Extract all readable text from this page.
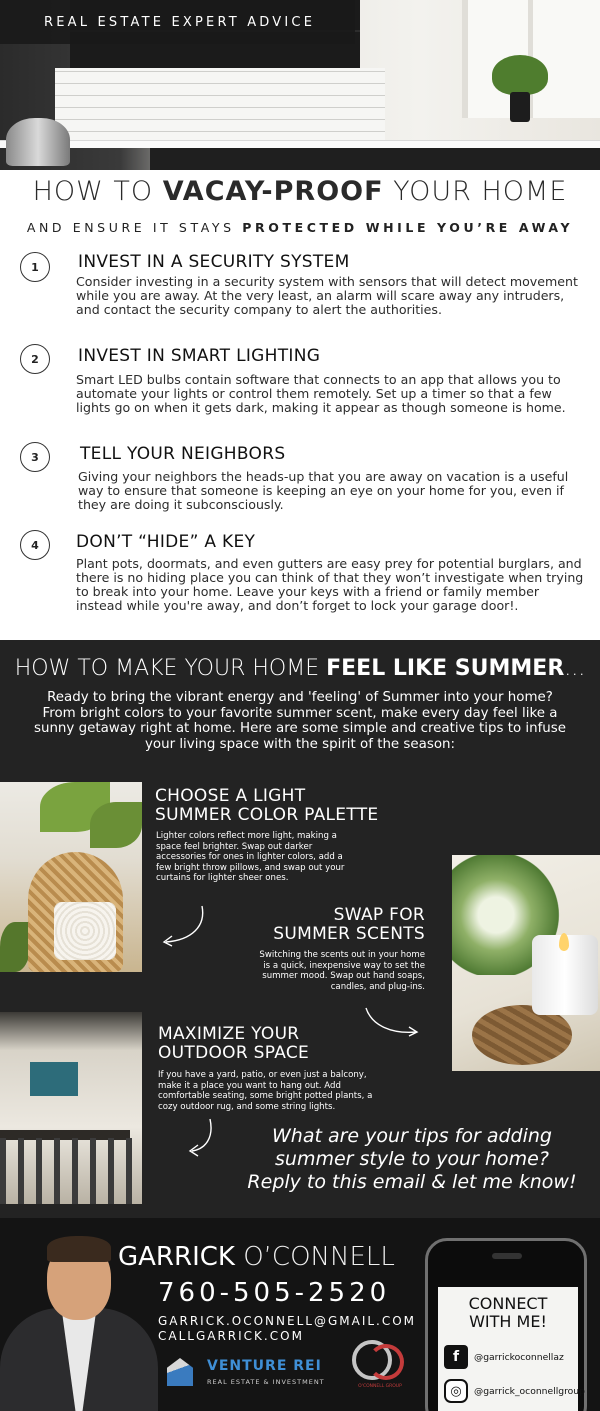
REAL ESTATE EXPERT ADVICE
HOW TO VACAY-PROOF YOUR HOME
AND ENSURE IT STAYS PROTECTED WHILE YOU’RE AWAY
1	INVEST IN A SECURITY SYSTEM

Consider investing in a security system with sensors that will detect movement while you are away. At the very least, an alarm will scare away any intruders, and contact the security company to alert the authorities.

2	INVEST IN SMART LIGHTING

Smart LED bulbs contain software that connects to an app that allows you to automate your lights or control them remotely. Set up a timer so that a few lights go on when it gets dark, making it appear as though someone is home.

3	TELL YOUR NEIGHBORS

Giving your neighbors the heads-up that you are away on vacation is a useful way to ensure that someone is keeping an eye on your home for you, even if they are doing it subconsciously.

4	DON’T “HIDE” A KEY

Plant pots, doormats, and even gutters are easy prey for potential burglars, and there is no hiding place you can think of that they won’t investigate when trying to break into your home. Leave your keys with a friend or family member instead while you're away, and don’t forget to lock your garage door!.

HOW TO MAKE YOUR HOME FEEL LIKE SUMMER...

Ready to bring the vibrant energy and 'feeling' of Summer into your home? From bright colors to your favorite summer scent, make every day feel like a sunny getaway right at home. Here are some simple and creative tips to infuse your living space with the spirit of the season:

CHOOSE A LIGHT
SUMMER COLOR PALETTE

Lighter colors reflect more light, making a space feel brighter. Swap out darker accessories for ones in lighter colors, add a few bright throw pillows, and swap out your curtains for lighter sheer ones.

SWAP FOR
SUMMER SCENTS

Switching the scents out in your home is a quick, inexpensive way to set the summer mood. Swap out hand soaps, candles, and plug-ins.

MAXIMIZE YOUR
OUTDOOR SPACE

If you have a yard, patio, or even just a balcony, make it a place you want to hang out. Add comfortable seating, some bright potted plants, a cozy outdoor rug, and some string lights.

What are your tips for adding
summer style to your home?
Reply to this email & let me know!
GARRICK O’CONNELL
760-505-2520
GARRICK.OCONNELL@GMAIL.COM
CALLGARRICK.COM
VENTURE REI
REAL ESTATE & INVESTMENT
O'CONNELL GROUP
CONNECT
WITH ME!
f	@garrickoconnellaz
◎	@garrick_oconnellgroup
